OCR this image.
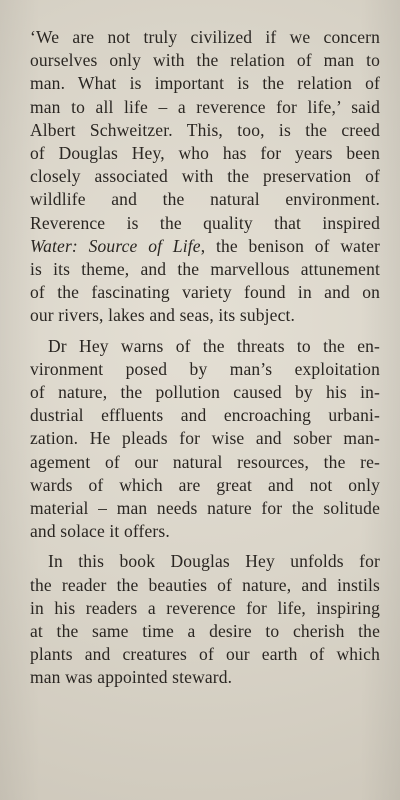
‘We are not truly civilized if we concern
ourselves only with the relation of man to
man. What is important is the relation of
man to all life – a reverence for life,’ said
Albert Schweitzer. This, too, is the creed
of Douglas Hey, who has for years been
closely associated with the preservation of
wildlife and the natural environment.
Reverence is the quality that inspired
Water: Source of Life, the benison of water
is its theme, and the marvellous attunement
of the fascinating variety found in and on
our rivers, lakes and seas, its subject.

Dr Hey warns of the threats to the en-
vironment posed by man’s exploitation
of nature, the pollution caused by his in-
dustrial effluents and encroaching urbani-
zation. He pleads for wise and sober man-
agement of our natural resources, the re-
wards of which are great and not only
material – man needs nature for the solitude
and solace it offers.

In this book Douglas Hey unfolds for
the reader the beauties of nature, and instils
in his readers a reverence for life, inspiring
at the same time a desire to cherish the
plants and creatures of our earth of which
man was appointed steward.
